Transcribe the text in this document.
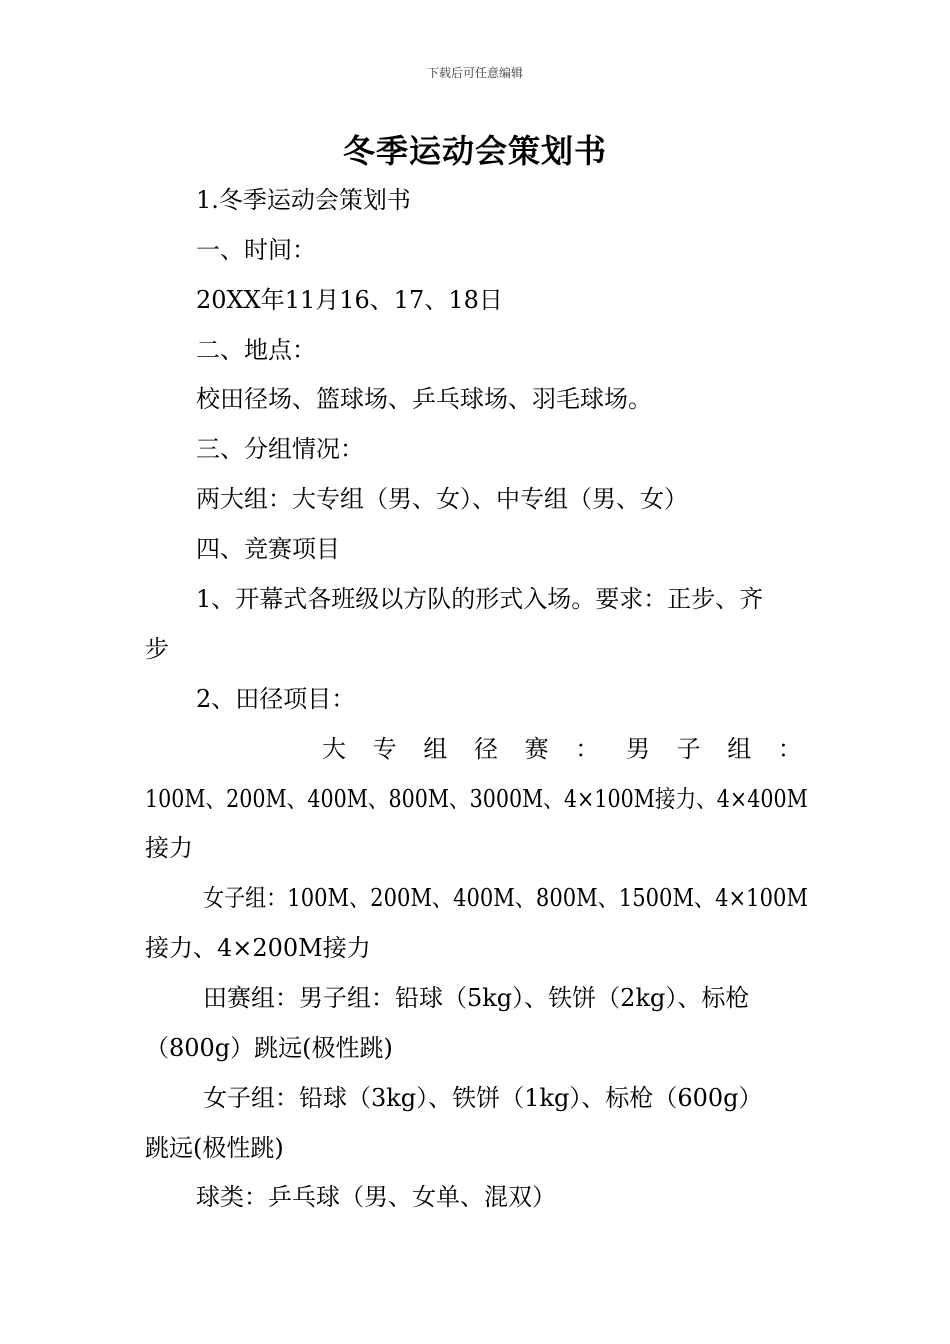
下载后可任意编辑
冬季运动会策划书
1.冬季运动会策划书
一、时间：
20XX年11月16、17、18日
二、地点：
校田径场、篮球场、乒乓球场、羽毛球场。
三、分组情况：
两大组：大专组（男、女）、中专组（男、女）
四、竞赛项目
1、开幕式各班级以方队的形式入场。要求：正步、齐
步
2、田径项目：
大 专 组 径 赛 ： 男 子 组 ：
100M、200M、400M、800M、3000M、4×100M接力、4×400M
接力
女子组：100M、200M、400M、800M、1500M、4×100M
接力、4×200M接力
田赛组：男子组：铅球（5kg）、铁饼（2kg）、标枪
（800g）跳远(极性跳)
女子组：铅球（3kg）、铁饼（1kg）、标枪（600g）
跳远(极性跳)
球类：乒乓球（男、女单、混双）
